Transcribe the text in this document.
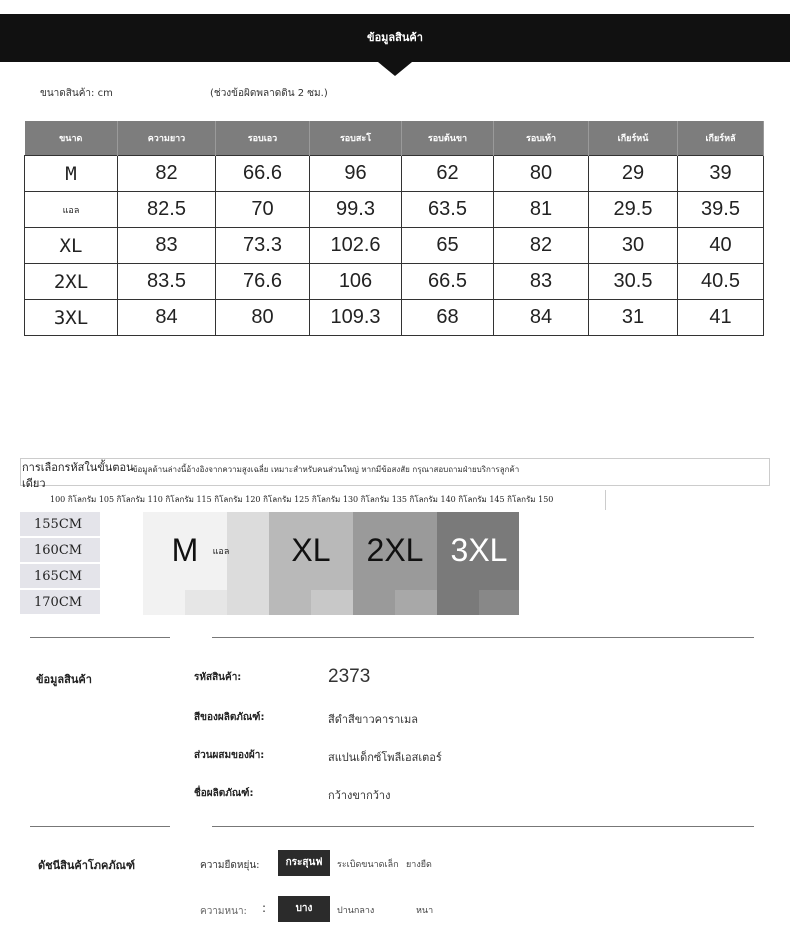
ข้อมูลสินค้า
ขนาดสินค้า: cm	(ช่วงข้อผิดพลาดดิน 2 ซม.)
ขนาด	ความยาว	รอบเอว	รอบสะโ	รอบต้นขา	รอบเท้า	เกียร์หน้	เกียร์หลั
M	82	66.6	96	62	80	29	39
แอล	82.5	70	99.3	63.5	81	29.5	39.5
XL	83	73.3	102.6	65	82	30	40
2XL	83.5	76.6	106	66.5	83	30.5	40.5
3XL	84	80	109.3	68	84	31	41
การเลือกรหัสในขั้นตอนเดียว
ข้อมูลด้านล่างนี้อ้างอิงจากความสูงเฉลี่ย เหมาะสำหรับคนส่วนใหญ่ หากมีข้อสงสัย กรุณาสอบถามฝ่ายบริการลูกค้า
100 กิโลกรัม 105 กิโลกรัม 110 กิโลกรัม 115 กิโลกรัม 120 กิโลกรัม 125 กิโลกรัม 130 กิโลกรัม 135 กิโลกรัม 140 กิโลกรัม 145 กิโลกรัม 150
155CM
160CM
165CM
170CM
M	แอล	XL	2XL 3XL
ข้อมูลสินค้า	รหัสสินค้า:	2373
สีของผลิตภัณฑ์:	สีดำสีขาวคาราเมล
ส่วนผสมของผ้า:	สแปนเด็กซ์โพลีเอสเตอร์
ชื่อผลิตภัณฑ์:	กว้างขากว้าง
ดัชนีสินค้าโภคภัณฑ์	ความยืดหยุ่น:	กระสุนฟ	ระเบิดขนาดเล็ก ยางยืด
ความหนา: :	บาง	ปานกลาง	หนา
